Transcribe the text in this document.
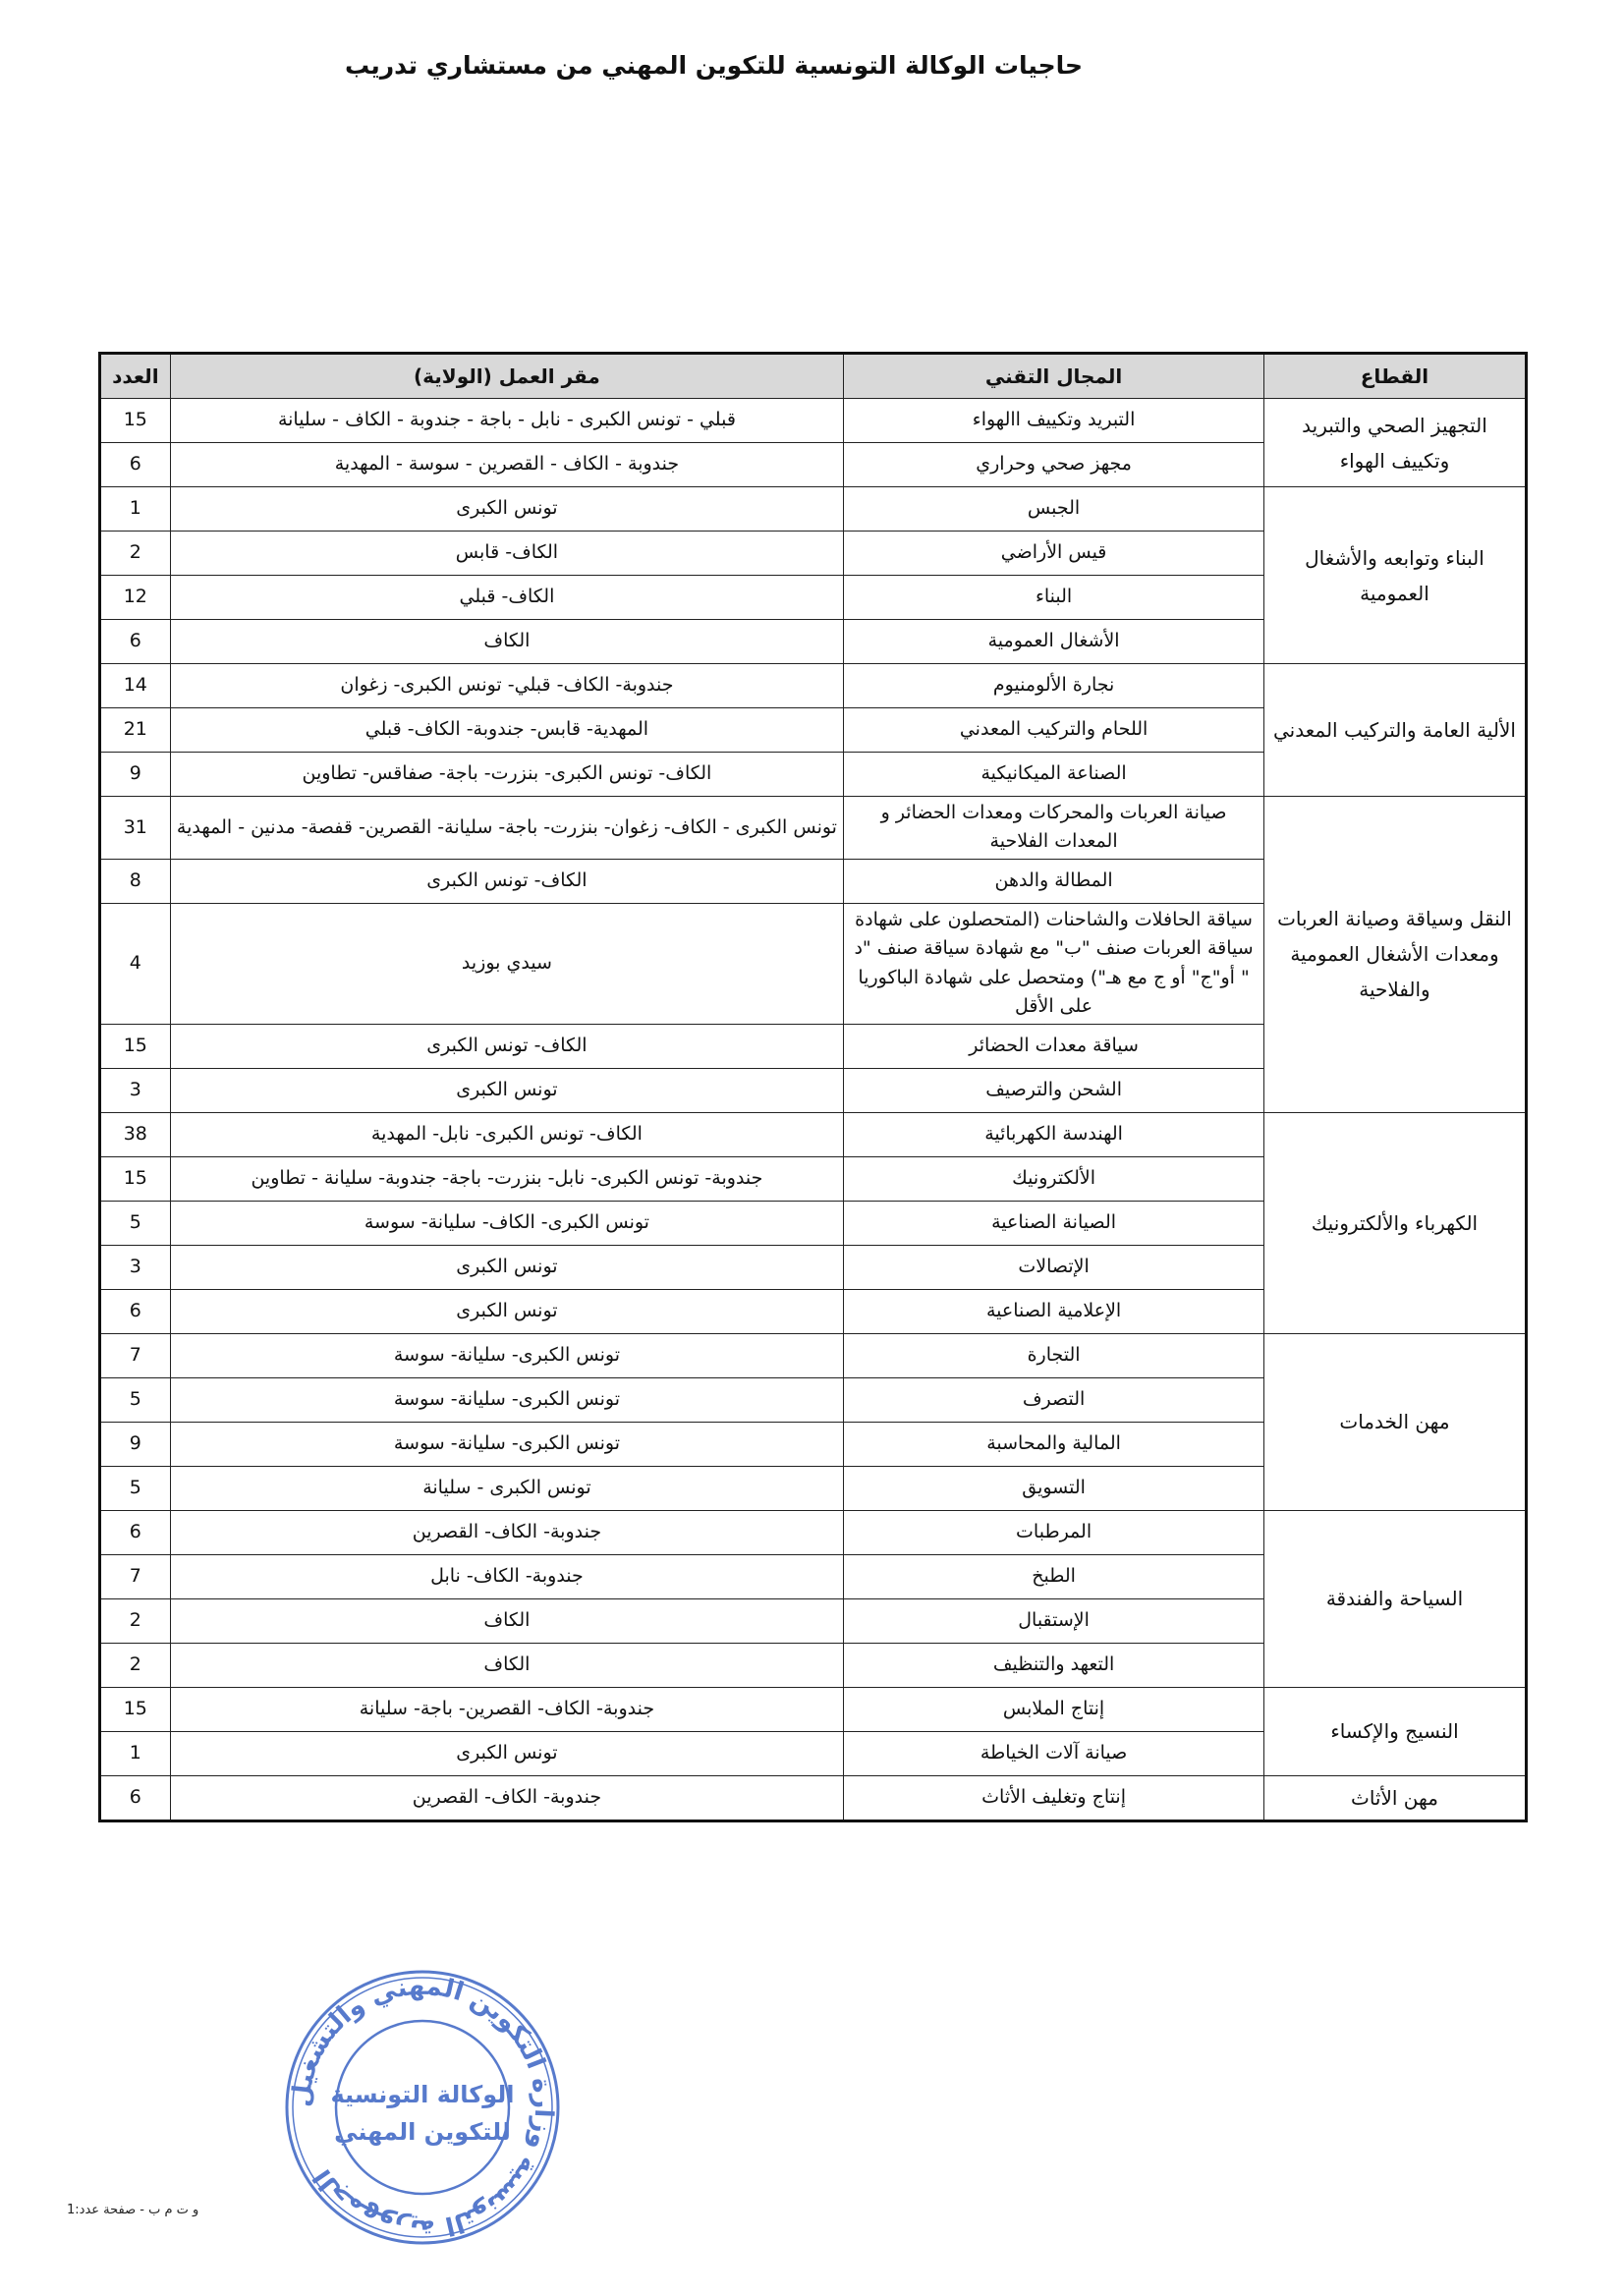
حاجيات الوكالة التونسية للتكوين المهني من مستشاري تدريب
القطاع	المجال التقني	مقر العمل (الولاية)	العدد
التجهيز الصحي والتبريد وتكييف الهواء	التبريد وتكييف االهواء	قبلي - تونس الكبرى - نابل - باجة - جندوبة - الكاف - سليانة	15
	مجهز صحي وحراري	جندوبة - الكاف - القصرين - سوسة - المهدية	6
البناء وتوابعه والأشغال العمومية	الجبس	تونس الكبرى	1
	قيس الأراضي	الكاف- قابس	2
	البناء	الكاف- قبلي	12
	الأشغال العمومية	الكاف	6
الألية العامة والتركيب المعدني	نجارة الألومنيوم	جندوبة- الكاف- قبلي- تونس الكبرى- زغوان	14
	اللحام والتركيب المعدني	المهدية- قابس- جندوبة- الكاف- قبلي	21
	الصناعة الميكانيكية	الكاف- تونس الكبرى- بنزرت- باجة- صفاقس- تطاوين	9
النقل وسياقة وصيانة العربات ومعدات الأشغال العمومية والفلاحية	صيانة العربات والمحركات ومعدات الحضائر و المعدات الفلاحية	تونس الكبرى - الكاف- زغوان- بنزرت- باجة- سليانة- القصرين- قفصة- مدنين - المهدية	31
	المطالة والدهن	الكاف- تونس الكبرى	8
	سياقة الحافلات والشاحنات (المتحصلون على شهادة سياقة العربات صنف "ب" مع شهادة سياقة صنف "د " أو"ج" أو ج مع هـ") ومتحصل على شهادة الباكوريا على الأقل	سيدي بوزيد	4
	سياقة معدات الحضائر	الكاف- تونس الكبرى	15
	الشحن والترصيف	تونس الكبرى	3
الكهرباء والألكترونيك	الهندسة الكهربائية	الكاف- تونس الكبرى- نابل- المهدية	38
	الألكترونيك	جندوبة- تونس الكبرى- نابل- بنزرت- باجة- جندوبة- سليانة - تطاوين	15
	الصيانة الصناعية	تونس الكبرى- الكاف- سليانة- سوسة	5
	الإتصالات	تونس الكبرى	3
	الإعلامية الصناعية	تونس الكبرى	6
مهن الخدمات	التجارة	تونس الكبرى- سليانة- سوسة	7
	التصرف	تونس الكبرى- سليانة- سوسة	5
	المالية والمحاسبة	تونس الكبرى- سليانة- سوسة	9
	التسويق	تونس الكبرى - سليانة	5
السياحة والفندقة	المرطبات	جندوبة- الكاف- القصرين	6
	الطبخ	جندوبة- الكاف- نابل	7
	الإستقبال	الكاف	2
	التعهد والتنظيف	الكاف	2
النسيج والإكساء	إنتاج الملابس	جندوبة- الكاف- القصرين- باجة- سليانة	15
	صيانة آلات الخياطة	تونس الكبرى	1
مهن الأثاث	إنتاج وتغليف الأثاث	جندوبة- الكاف- القصرين	6
الجمهورية التونسية وزارة التكوين المهني والتشغيل
الوكالة التونسية
للتكوين المهني
و ت م ب - صفحة عدد:1
